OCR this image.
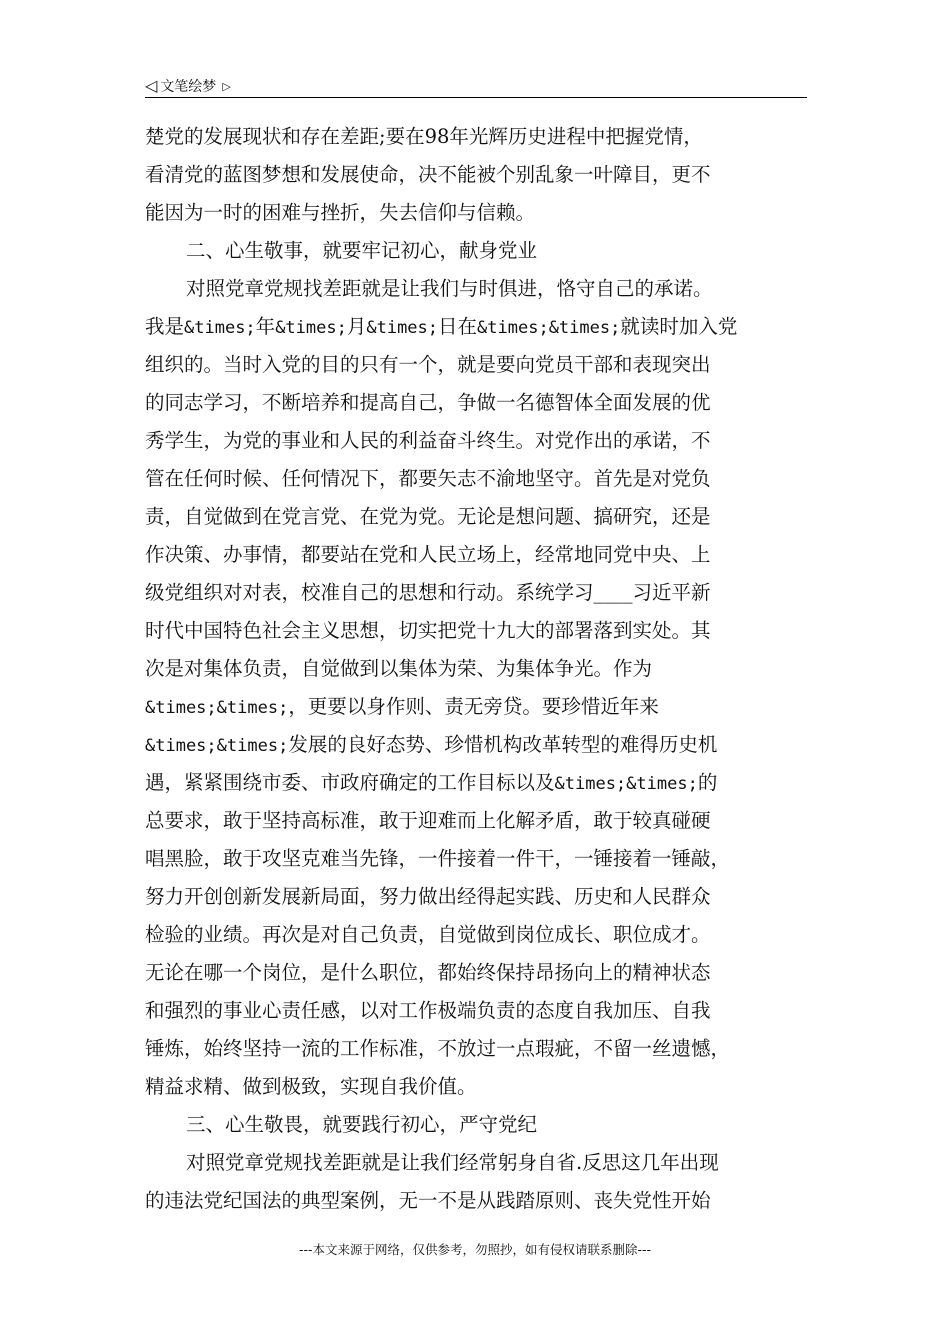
◁ 文笔绘梦 ▷
楚党的发展现状和存在差距;要在98年光辉历史进程中把握党情，
看清党的蓝图梦想和发展使命，决不能被个别乱象一叶障目，更不
能因为一时的困难与挫折，失去信仰与信赖。
二、心生敬事，就要牢记初心，献身党业
对照党章党规找差距就是让我们与时俱进，恪守自己的承诺。
我是&times;年&times;月&times;日在&times;&times;就读时加入党
组织的。当时入党的目的只有一个，就是要向党员干部和表现突出
的同志学习，不断培养和提高自己，争做一名德智体全面发展的优
秀学生，为党的事业和人民的利益奋斗终生。对党作出的承诺，不
管在任何时候、任何情况下，都要矢志不渝地坚守。首先是对党负
责，自觉做到在党言党、在党为党。无论是想问题、搞研究，还是
作决策、办事情，都要站在党和人民立场上，经常地同党中央、上
级党组织对对表，校准自己的思想和行动。系统学习____习近平新
时代中国特色社会主义思想，切实把党十九大的部署落到实处。其
次是对集体负责，自觉做到以集体为荣、为集体争光。作为
&times;&times;，更要以身作则、责无旁贷。要珍惜近年来
&times;&times;发展的良好态势、珍惜机构改革转型的难得历史机
遇，紧紧围绕市委、市政府确定的工作目标以及&times;&times;的
总要求，敢于坚持高标准，敢于迎难而上化解矛盾，敢于较真碰硬
唱黑脸，敢于攻坚克难当先锋，一件接着一件干，一锤接着一锤敲，
努力开创创新发展新局面，努力做出经得起实践、历史和人民群众
检验的业绩。再次是对自己负责，自觉做到岗位成长、职位成才。
无论在哪一个岗位，是什么职位，都始终保持昂扬向上的精神状态
和强烈的事业心责任感，以对工作极端负责的态度自我加压、自我
锤炼，始终坚持一流的工作标准，不放过一点瑕疵，不留一丝遗憾，
精益求精、做到极致，实现自我价值。
三、心生敬畏，就要践行初心，严守党纪
对照党章党规找差距就是让我们经常躬身自省.反思这几年出现
的违法党纪国法的典型案例，无一不是从践踏原则、丧失党性开始
---本文来源于网络，仅供参考，勿照抄，如有侵权请联系删除---
